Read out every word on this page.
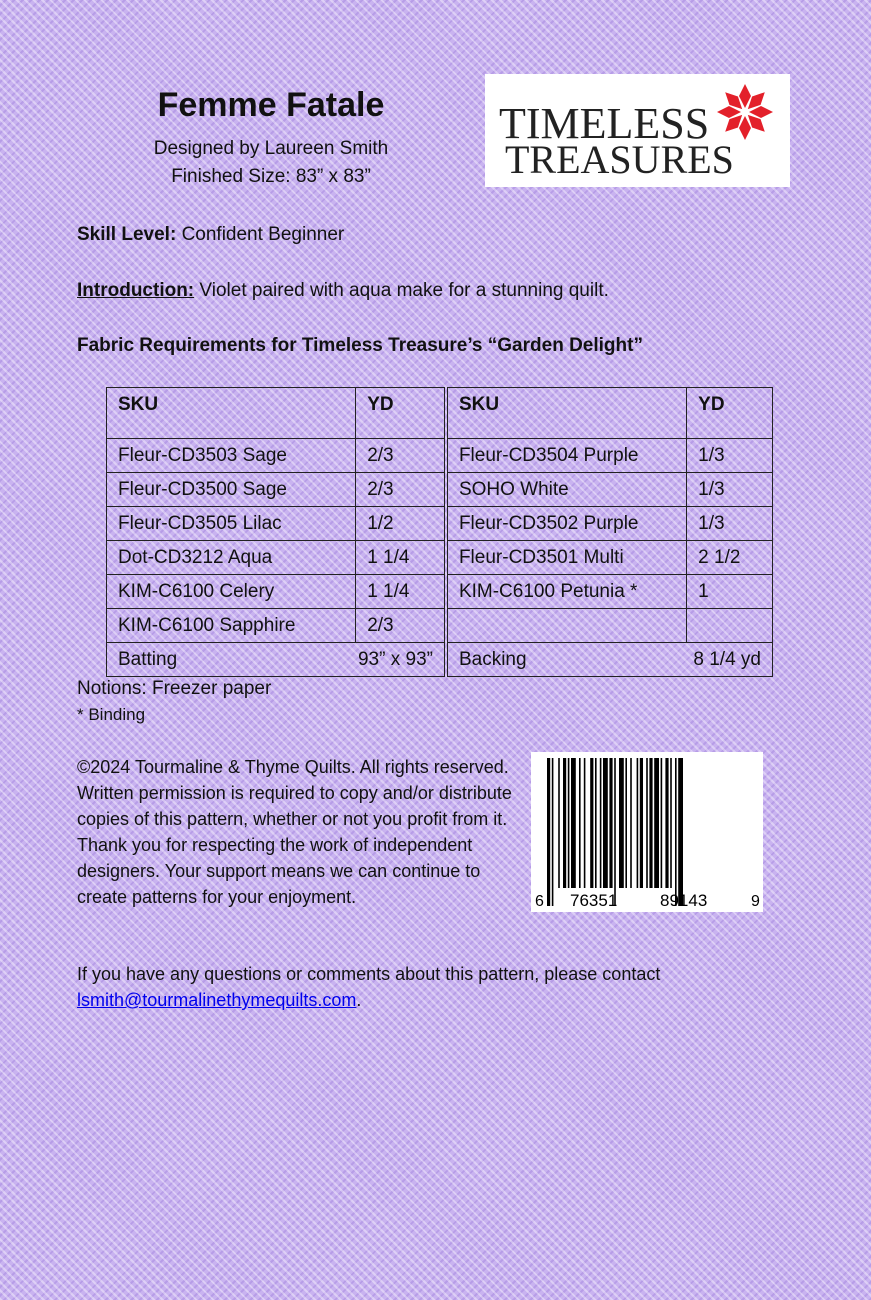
Femme Fatale
Designed by Laureen Smith
Finished Size: 83” x 83”
TIMELESS
TREASURES
Skill Level: Confident Beginner
Introduction: Violet paired with aqua make for a stunning quilt.
Fabric Requirements for Timeless Treasure’s “Garden Delight”
SKU	YD		SKU	YD
Fleur-CD3503 Sage	2/3		Fleur-CD3504 Purple	1/3
Fleur-CD3500 Sage	2/3		SOHO White	1/3
Fleur-CD3505 Lilac	1/2		Fleur-CD3502 Purple	1/3
Dot-CD3212 Aqua	1 1/4		Fleur-CD3501 Multi	2 1/2
KIM-C6100 Celery	1 1/4		KIM-C6100 Petunia *	1
KIM-C6100 Sapphire	2/3			

Batting 93” x 93”			Backing 8 1/4 yd	
Notions: Freezer paper
* Binding
©2024 Tourmaline & Thyme Quilts. All rights reserved. Written permission is required to copy and/or distribute copies of this pattern, whether or not you profit from it. Thank you for respecting the work of independent designers. Your support means we can continue to create patterns for your enjoyment.	6 76351	89143	9
If you have any questions or comments about this pattern, please contact
lsmith@tourmalinethymequilts.com.
